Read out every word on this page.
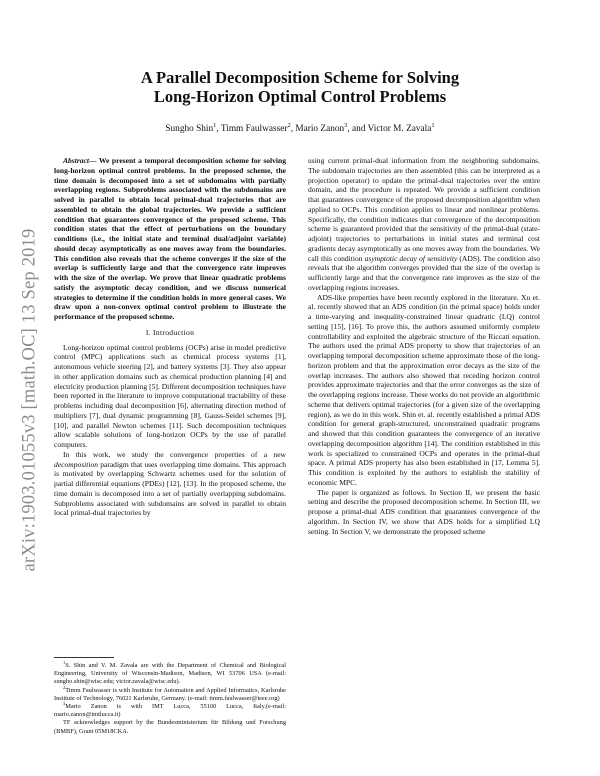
arXiv:1903.01055v3 [math.OC] 13 Sep 2019
A Parallel Decomposition Scheme for Solving
Long-Horizon Optimal Control Problems
Sungho Shin$^1$, Timm Faulwasser$^2$, Mario Zanon$^3$, and Victor M. Zavala$^1$

Abstract— We present a temporal decomposition scheme for solving long-horizon optimal control problems. In the proposed scheme, the time domain is decomposed into a set of subdomains with partially overlapping regions. Subproblems associated with the subdomains are solved in parallel to obtain local primal-dual trajectories that are assembled to obtain the global trajectories. We provide a sufficient condition that guarantees convergence of the proposed scheme. This condition states that the effect of perturbations on the boundary conditions (i.e., the initial state and terminal dual/adjoint variable) should decay asymptotically as one moves away from the boundaries. This condition also reveals that the scheme converges if the size of the overlap is sufficiently large and that the convergence rate improves with the size of the overlap. We prove that linear quadratic problems satisfy the asymptotic decay condition, and we discuss numerical strategies to determine if the condition holds in more general cases. We draw upon a non-convex optimal control problem to illustrate the performance of the proposed scheme.

I. Introduction

Long-horizon optimal control problems (OCPs) arise in model predictive control (MPC) applications such as chemical process systems [1], autonomous vehicle steering [2], and battery systems [3]. They also appear in other application domains such as chemical production planning [4] and electricity production planning [5]. Different decomposition techniques have been reported in the literature to improve computational tractability of these problems including dual decomposition [6], alternating direction method of multipliers [7], dual dynamic programming [8], Gauss-Seidel schemes [9], [10], and parallel Newton schemes [11]. Such decomposition techniques allow scalable solutions of long-horizon OCPs by the use of parallel computers.

In this work, we study the convergence properties of a new decomposition paradigm that uses overlapping time domains. This approach is motivated by overlapping Schwartz schemes used for the solution of partial differential equations (PDEs) [12], [13]. In the proposed scheme, the time domain is decomposed into a set of partially overlapping subdomains. Subproblems associated with subdomains are solved in parallel to obtain local primal-dual trajectories by

$^1$S. Shin and V. M. Zavala are with the Department of Chemical and Biological Engineering, University of Wisconsin-Madison, Madison, WI 53706 USA (e-mail: sungho.shin@wisc.edu; victor.zavala@wisc.edu).

$^2$Timm Faulwasser is with Institute for Automation and Applied Informatics, Karlsruhe Institute of Technology, 76021 Karlsruhe, Germany. (e-mail: timm.faulwasser@ieee.org)

$^3$Mario Zanon is with IMT Lucca, 55100 Lucca, Italy.(e-mail: mario.zanon@imtlucca.it)

TF acknowledges support by the Bundesministerium für Bildung und Forschung (BMBF), Grant 05M18CKA.

using current primal-dual information from the neighboring subdomains. The subdomain trajectories are then assembled (this can be interpreted as a projection operator) to update the primal-dual trajectories over the entire domain, and the procedure is repeated. We provide a sufficient condition that guarantees convergence of the proposed decomposition algorithm when applied to OCPs. This condition applies to linear and nonlinear problems. Specifically, the condition indicates that convergence of the decomposition scheme is guaranteed provided that the sensitivity of the primal-dual (state-adjoint) trajectories to perturbations in initial states and terminal cost gradients decay asymptotically as one moves away from the boundaries. We call this condition asymptotic decay of sensitivity (ADS). The condition also reveals that the algorithm converges provided that the size of the overlap is sufficiently large and that the convergence rate improves as the size of the overlapping regions increases.

ADS-like properties have been recently explored in the literature. Xu et. al. recently showed that an ADS condition (in the primal space) holds under a time-varying and inequality-constrained linear quadratic (LQ) control setting [15], [16]. To prove this, the authors assumed uniformly complete controllability and exploited the algebraic structure of the Riccati equation. The authors used the primal ADS property to show that trajectories of an overlapping temporal decomposition scheme approximate those of the long-horizon problem and that the approximation error decays as the size of the overlap increases. The authors also showed that receding horizon control provides approximate trajectories and that the error converges as the size of the overlapping regions increase. These works do not provide an algorithmic scheme that delivers optimal trajectories (for a given size of the overlapping region), as we do in this work. Shin et. al. recently established a primal ADS condition for general graph-structured, unconstrained quadratic programs and showed that this condition guarantees the convergence of an iterative overlapping decomposition algorithm [14]. The condition established in this work is specialized to constrained OCPs and operates in the primal-dual space. A primal ADS property has also been established in [17, Lemma 5]. This condition is exploited by the authors to establish the stability of economic MPC.

The paper is organized as follows. In Section II, we present the basic setting and describe the proposed decomposition scheme. In Section III, we propose a primal-dual ADS condition that guarantees convergence of the algorithm. In Section IV, we show that ADS holds for a simplified LQ setting. In Section V, we demonstrate the proposed scheme
